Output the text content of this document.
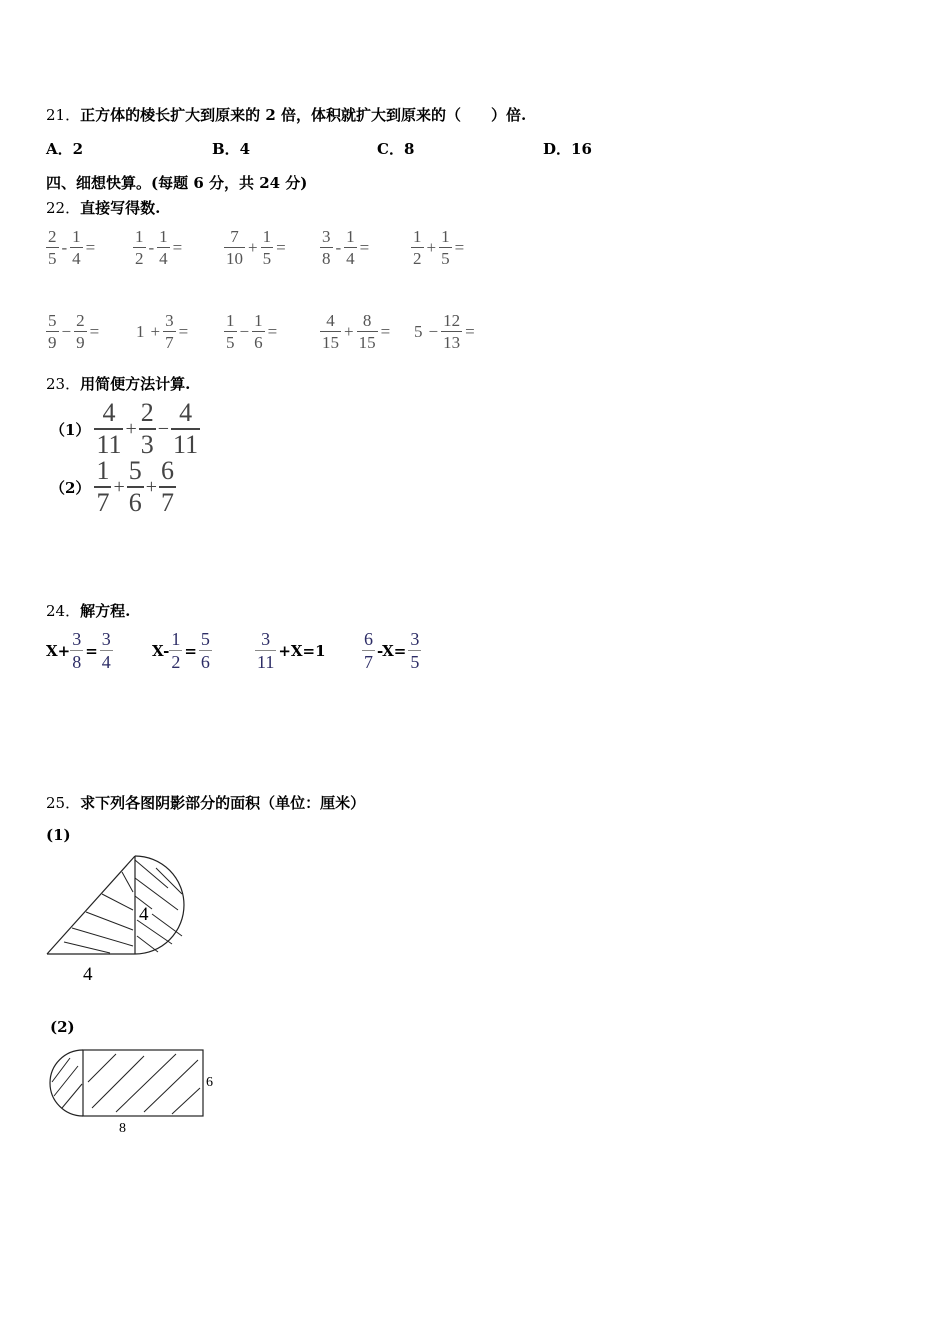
21．正方体的棱长扩大到原来的 2 倍，体积就扩大到原来的（　　）倍.
A．2	B．4	C．8	D．16
四、细想快算。(每题 6 分，共 24 分)
22．直接写得数.
$\frac{2}{5} - \frac{1}{4} = \frac{1}{2} - \frac{1}{4} = \frac{7}{10} + \frac{1}{5} = \frac{3}{8} - \frac{1}{4} = \frac{1}{2} + \frac{1}{5}$ =
$\frac{5}{9} - \frac{2}{9} = 1 + \frac{3}{7} = \frac{1}{5} - \frac{1}{6}$ =	$\frac{4}{15} + \frac{8}{15} = 5 - \frac{12}{13}$ =
23．用简便方法计算.
$(1) \frac{4}{11} + \frac{2}{3} - \frac{4}{11}$
$(2) \frac{1}{7} + \frac{5}{6} + \frac{6}{7}$
24．解方程.
$X+ \frac{3}{8} = \frac{3}{4}$	$X- \frac{1}{2} = \frac{5}{6} \frac{3}{11} +X=1 \frac{6}{7} -X= \frac{3}{5}$
25．求下列各图阴影部分的面积（单位：厘米）
(1)
4
4
(2)
6
8
